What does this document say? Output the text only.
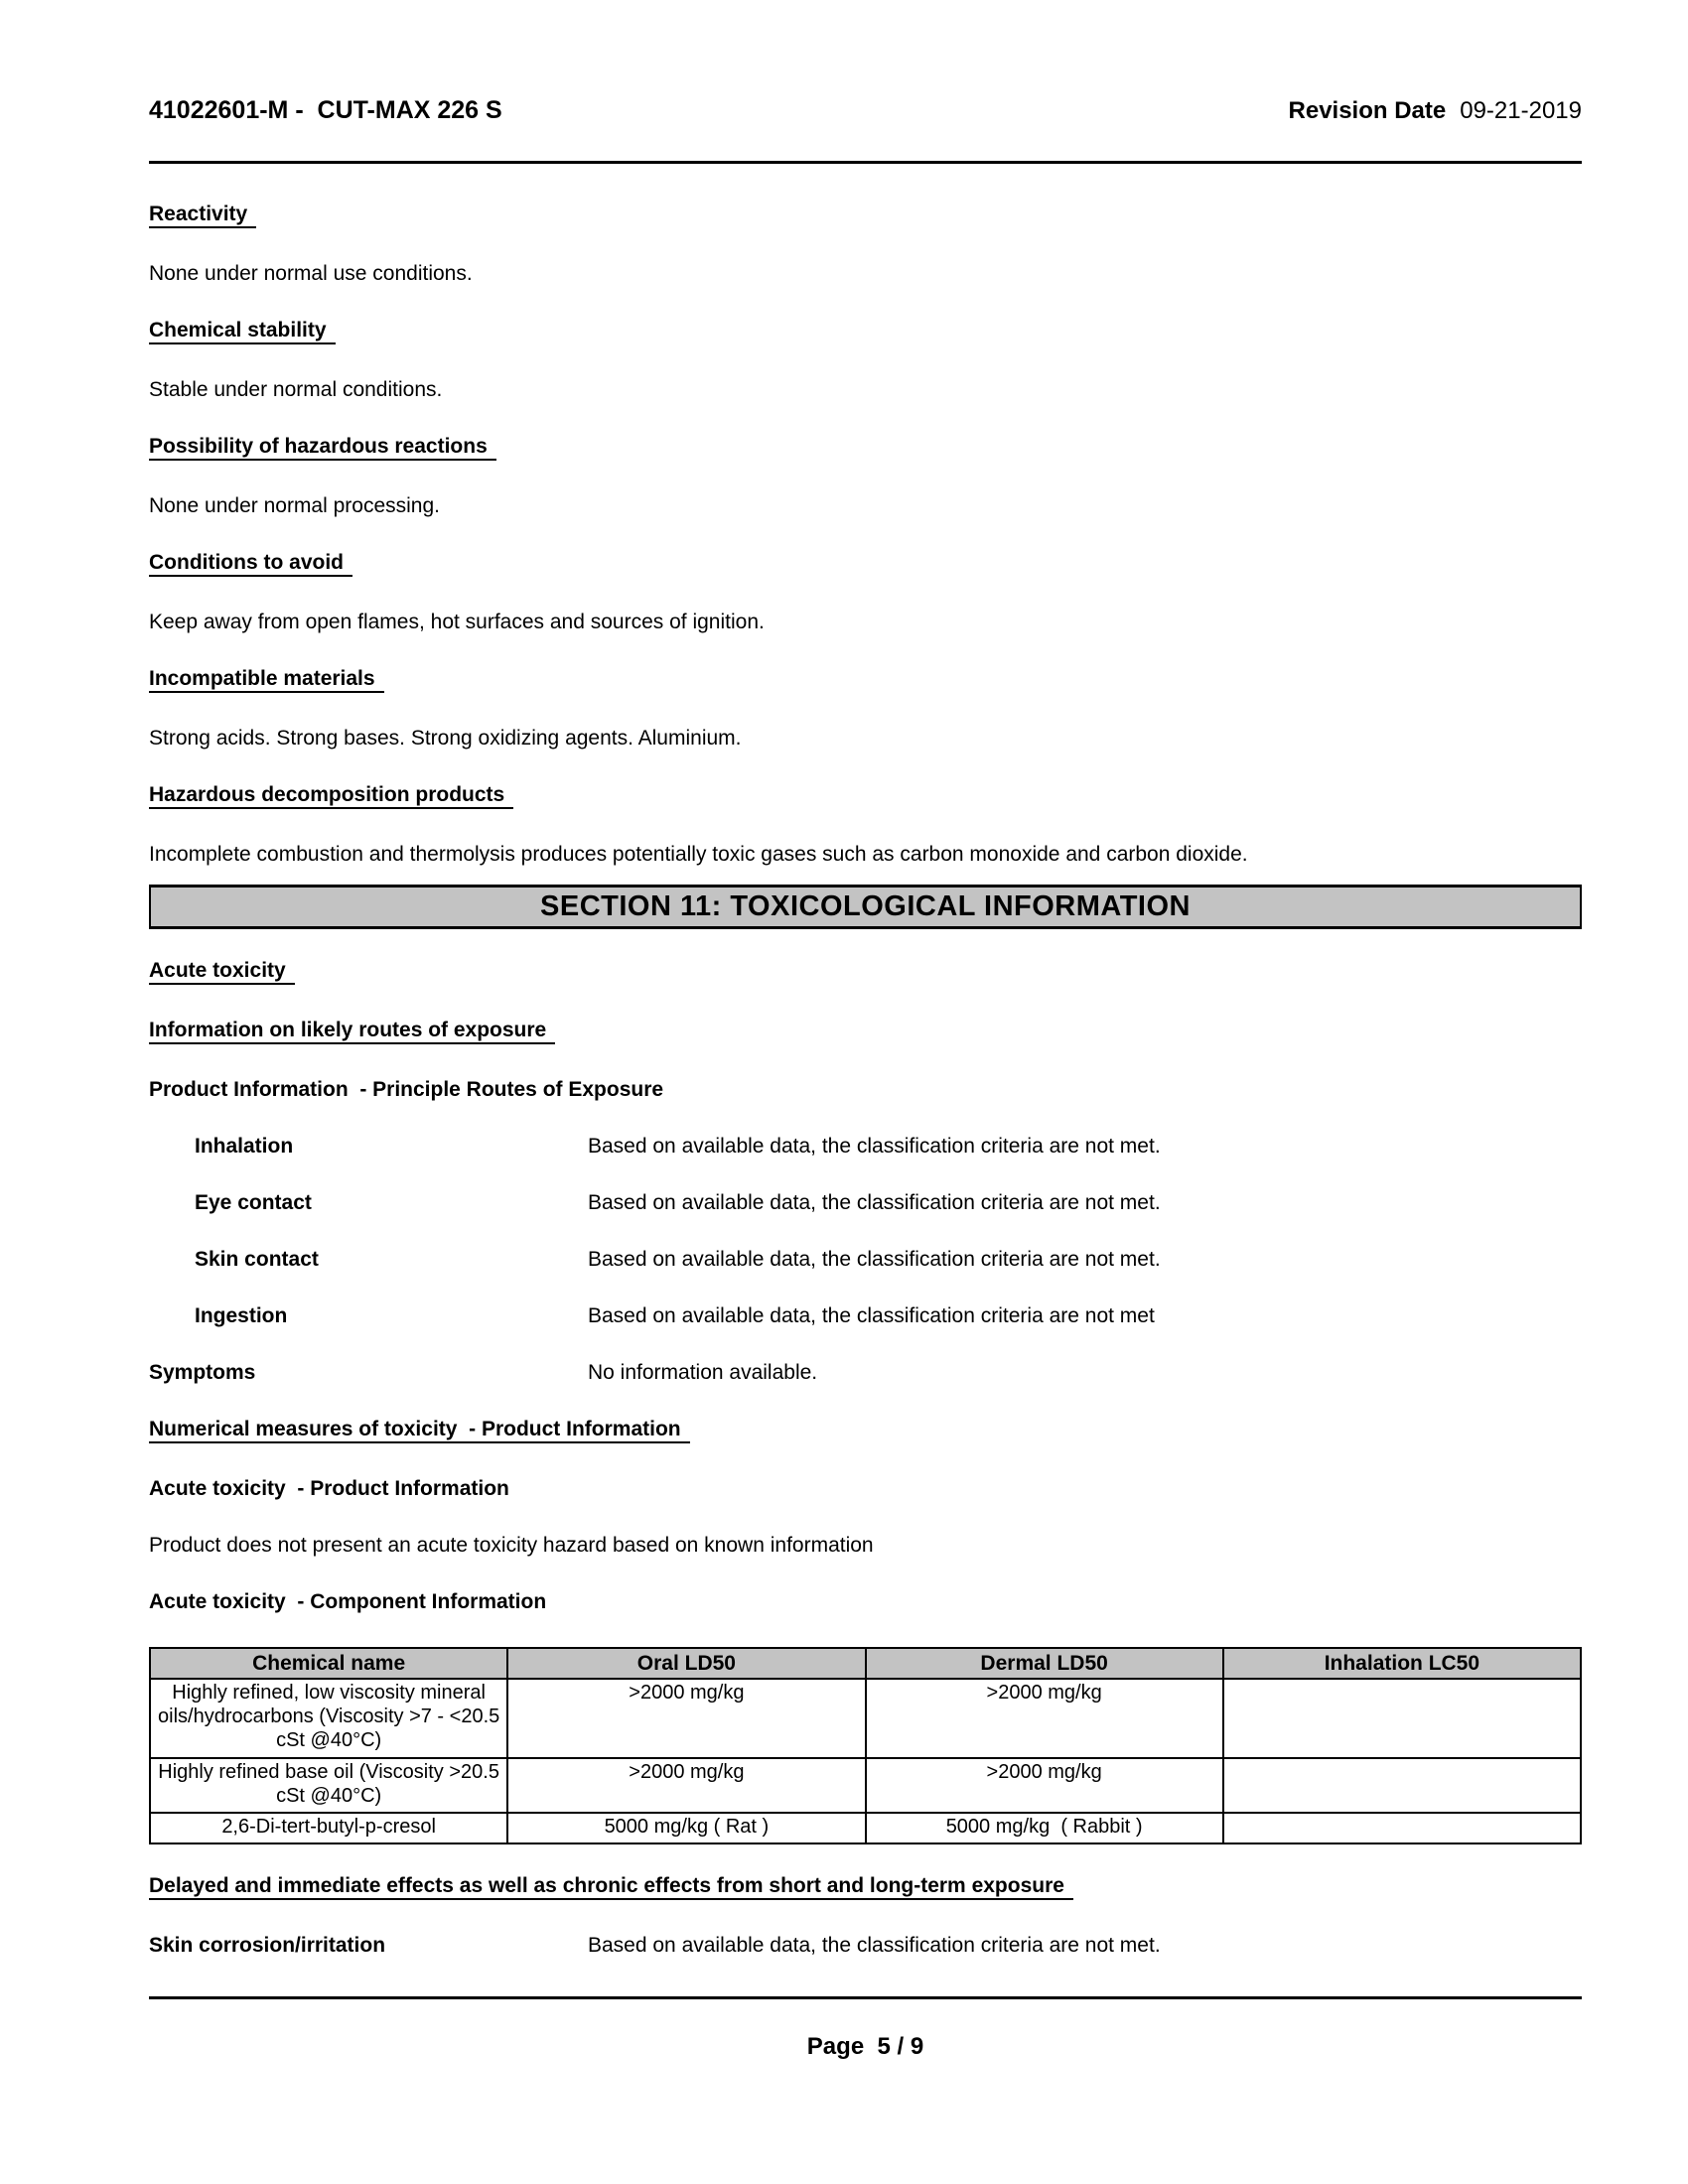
41022601-M -  CUT-MAX 226 S	Revision Date 09-21-2019
Reactivity
None under normal use conditions.
Chemical stability
Stable under normal conditions.
Possibility of hazardous reactions
None under normal processing.
Conditions to avoid
Keep away from open flames, hot surfaces and sources of ignition.
Incompatible materials
Strong acids. Strong bases. Strong oxidizing agents. Aluminium.
Hazardous decomposition products
Incomplete combustion and thermolysis produces potentially toxic gases such as carbon monoxide and carbon dioxide.
SECTION 11: TOXICOLOGICAL INFORMATION
Acute toxicity
Information on likely routes of exposure
Product Information  - Principle Routes of Exposure
Inhalation	Based on available data, the classification criteria are not met.
Eye contact	Based on available data, the classification criteria are not met.
Skin contact	Based on available data, the classification criteria are not met.
Ingestion	Based on available data, the classification criteria are not met
Symptoms	No information available.
Numerical measures of toxicity  - Product Information
Acute toxicity  - Product Information
Product does not present an acute toxicity hazard based on known information
Acute toxicity  - Component Information
Chemical name	Oral LD50	Dermal LD50	Inhalation LC50
Highly refined, low viscosity mineral oils/hydrocarbons (Viscosity >7 - <20.5 cSt @40°C)	>2000 mg/kg	>2000 mg/kg	
Highly refined base oil (Viscosity >20.5 cSt @40°C)	>2000 mg/kg	>2000 mg/kg	
2,6-Di-tert-butyl-p-cresol	5000 mg/kg ( Rat )	5000 mg/kg  ( Rabbit )	
Delayed and immediate effects as well as chronic effects from short and long-term exposure
Skin corrosion/irritation	Based on available data, the classification criteria are not met.
Page  5 / 9
